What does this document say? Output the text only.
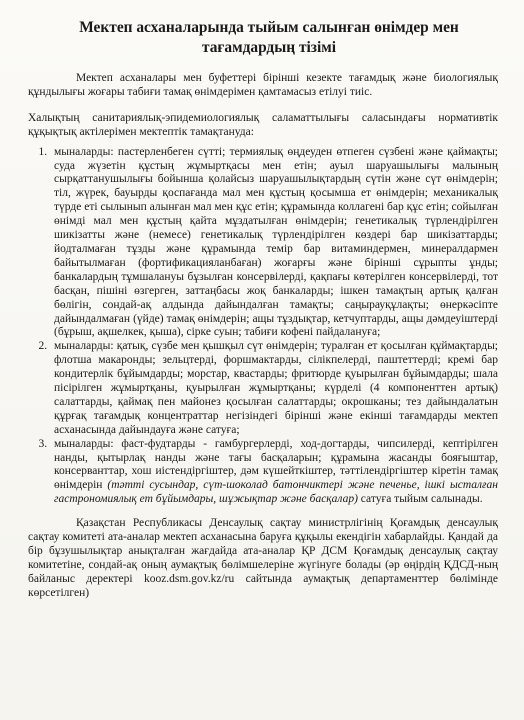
Мектеп асханаларында тыйым салынған өнімдер мен тағамдардың тізімі

Мектеп асханалары мен буфеттері бірінші кезекте тағамдық және биологиялық құндылығы жоғары табиғи тамақ өнімдерімен қамтамасыз етілуі тиіс.

Халықтың санитариялық-эпидемиологиялық саламаттылығы саласындағы нормативтік құқықтық актілерімен мектептік тамақтануда:

1. мыналарды: пастерленбеген сүтті; термиялық өңдеуден өтпеген сүзбені және қаймақты; суда жүзетін құстың жұмыртқасы мен етін; ауыл шаруашылығы малының сырқаттанушылығы бойынша қолайсыз шаруашылықтардың сүтін және сүт өнімдерін; тіл, жүрек, бауырды қоспағанда мал мен құстың қосымша ет өнімдерін; механикалық түрде еті сылынып алынған мал мен құс етін; құрамында коллагені бар құс етін; сойылған өнімді мал мен құстың қайта мұздатылған өнімдерін; генетикалық түрлендірілген шикізатты және (немесе) генетикалық түрлендірілген көздері бар шикізаттарды; йодталмаған тұзды және құрамында темір бар витаминдермен, минералдармен байытылмаған (фортификацияланбаған) жоғарғы және бірінші сұрыпты ұнды; банкалардың тұмшалануы бұзылған консервілерді, қақпағы көтерілген консервілерді, тот басқан, пішіні өзгерген, заттаңбасы жоқ банкаларды; ішкен тамақтың артық қалған бөлігін, сондай-ақ алдында дайындалған тамақты; саңырауқұлақты; өнеркәсіпте дайындалмаған (үйде) тамақ өнімдерін; ащы тұздықтар, кетчуптарды, ащы дәмдеуіштерді (бұрыш, ақшелкек, қыша), сірке суын; табиғи кофені пайдалануға;
2. мыналарды: қатық, сүзбе мен қышқыл сүт өнімдерін; туралған ет қосылған құймақтарды; флотша макаронды; зельцтерді, форшмактарды, сілікпелерді, паштеттерді; кремі бар кондитерлік бұйымдарды; морстар, квастарды; фритюрде қуырылған бұйымдарды; шала пісірілген жұмыртқаны, қуырылған жұмыртқаны; күрделі (4 компоненттен артық) салаттарды, қаймақ пен майонез қосылған салаттарды; окрошканы; тез дайындалатын құрғақ тағамдық концентраттар негізіндегі бірінші және екінші тағамдарды мектеп асханасында дайындауға және сатуға;
3. мыналарды: фаст-фудтарды - гамбургерлерді, ход-догтарды, чипсилерді, кептірілген нанды, қытырлақ нанды және тағы басқаларын; құрамына жасанды бояғыштар, консерванттар, хош иістендіргіштер, дәм күшейткіштер, тәттілендіргіштер кіретін тамақ өнімдерін (тәтті сусындар, сүт-шоколад батончиктері және печенье, ішкі ысталған гастрономиялық ет бұйымдары, шұжықтар және басқалар) сатуға тыйым салынады.

Қазақстан Республикасы Денсаулық сақтау министрлігінің Қоғамдық денсаулық сақтау комитеті ата-аналар мектеп асханасына баруға құқылы екендігін хабарлайды. Қандай да бір бұзушылықтар анықталған жағдайда ата-аналар ҚР ДСМ Қоғамдық денсаулық сақтау комитетіне, сондай-ақ оның аумақтық бөлімшелеріне жүгінуге болады (әр өңірдің ҚДСД-ның байланыс деректері kooz.dsm.gov.kz/ru сайтында аумақтық департаменттер бөлімінде көрсетілген)
